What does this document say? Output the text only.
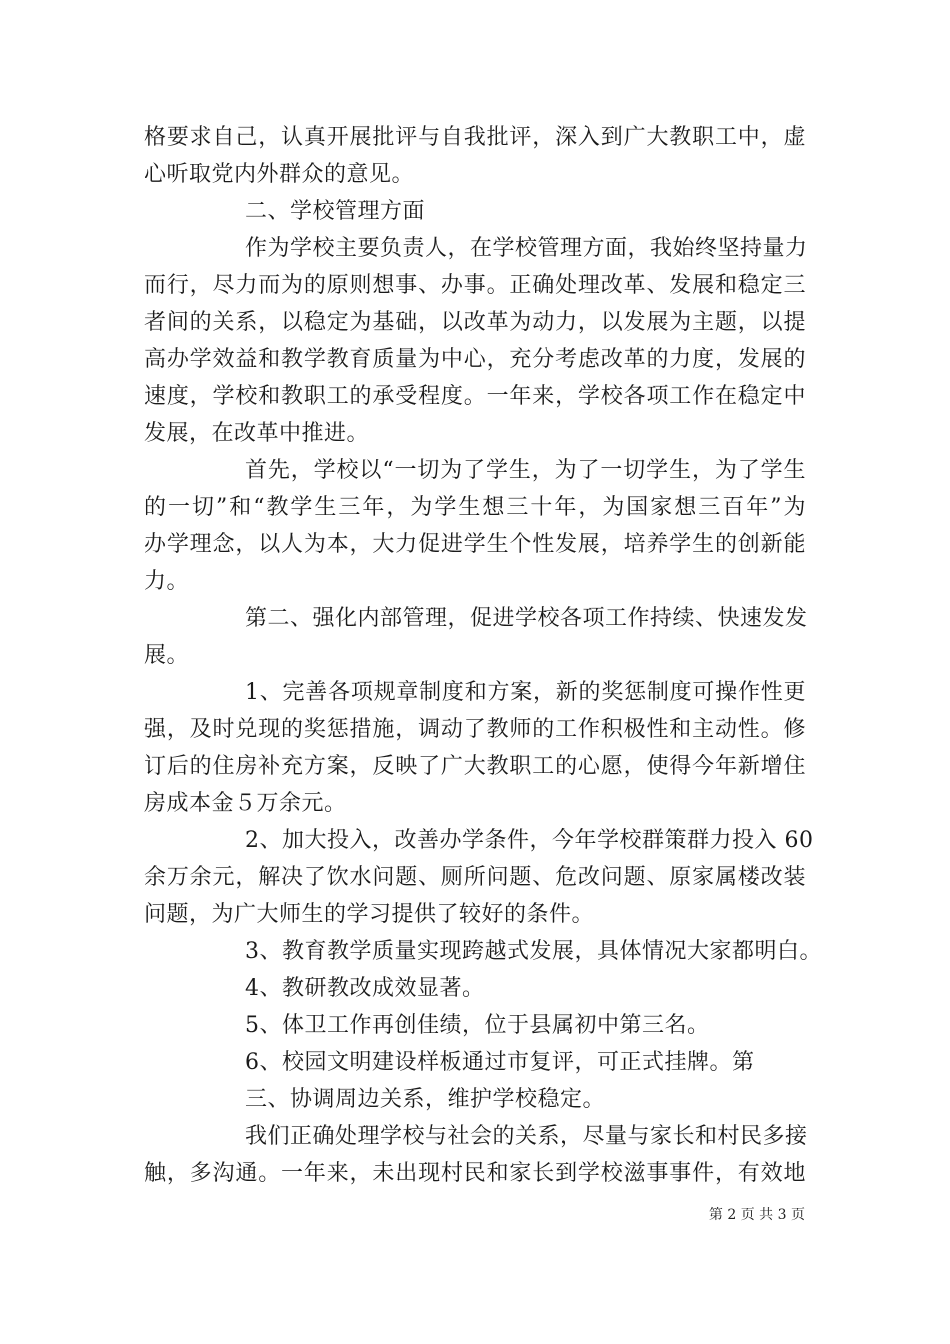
格要求自己，认真开展批评与自我批评，深入到广大教职工中，虚
心听取党内外群众的意见。
二、学校管理方面
作为学校主要负责人，在学校管理方面，我始终坚持量力
而行，尽力而为的原则想事、办事。正确处理改革、发展和稳定三
者间的关系，以稳定为基础，以改革为动力，以发展为主题，以提
高办学效益和教学教育质量为中心，充分考虑改革的力度，发展的
速度，学校和教职工的承受程度。一年来，学校各项工作在稳定中
发展，在改革中推进。
首先，学校以“一切为了学生，为了一切学生，为了学生
的一切”和“教学生三年，为学生想三十年，为国家想三百年”为
办学理念，以人为本，大力促进学生个性发展，培养学生的创新能
力。
第二、强化内部管理，促进学校各项工作持续、快速发发
展。
1、完善各项规章制度和方案，新的奖惩制度可操作性更
强，及时兑现的奖惩措施，调动了教师的工作积极性和主动性。修
订后的住房补充方案，反映了广大教职工的心愿，使得今年新增住
房成本金５万余元。
2、加大投入，改善办学条件，今年学校群策群力投入 60
余万余元，解决了饮水问题、厕所问题、危改问题、原家属楼改装
问题，为广大师生的学习提供了较好的条件。
3、教育教学质量实现跨越式发展，具体情况大家都明白。
4、教研教改成效显著。
5、体卫工作再创佳绩，位于县属初中第三名。
6、校园文明建设样板通过市复评，可正式挂牌。第
三、协调周边关系，维护学校稳定。
我们正确处理学校与社会的关系，尽量与家长和村民多接
触，多沟通。一年来，未出现村民和家长到学校滋事事件，有效地
第 2 页 共 3 页
